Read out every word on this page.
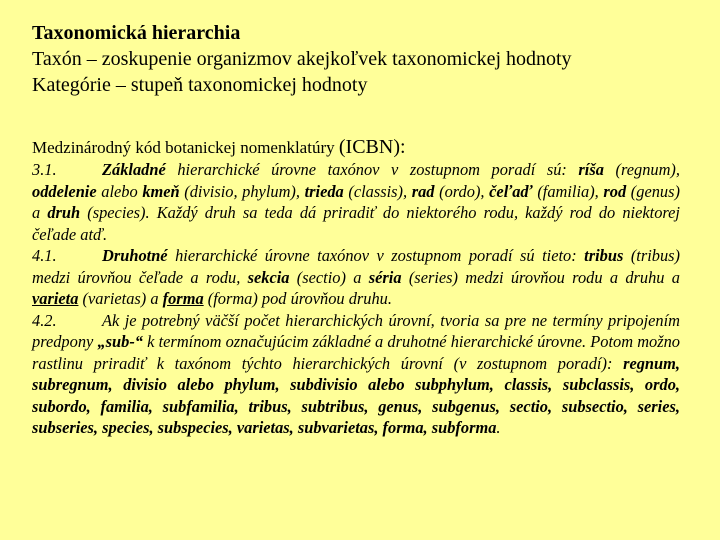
Taxonomická hierarchia
Taxón – zoskupenie organizmov akejkoľvek taxonomickej hodnoty
Kategórie – stupeň taxonomickej hodnoty
Medzinárodný kód botanickej nomenklatúry (ICBN):

3.1.	Základné hierarchické úrovne taxónov v zostupnom poradí sú: ríša (regnum), oddelenie alebo kmeň (divisio, phylum), trieda (classis), rad (ordo), čeľaď (familia), rod (genus) a druh (species). Každý druh sa teda dá priradiť do niektorého rodu, každý rod do niektorej čeľade atď.

4.1.	Druhotné hierarchické úrovne taxónov v zostupnom poradí sú tieto: tribus (tribus) medzi úrovňou čeľade a rodu, sekcia (sectio) a séria (series) medzi úrovňou rodu a druhu a varieta (varietas) a forma (forma) pod úrovňou druhu.

4.2.	Ak je potrebný väčší počet hierarchických úrovní, tvoria sa pre ne termíny pripojením predpony „sub-“ k termínom označujúcim základné a druhotné hierarchické úrovne. Potom možno rastlinu priradiť k taxónom týchto hierarchických úrovní (v zostupnom poradí): regnum, subregnum, divisio alebo phylum, subdivisio alebo subphylum, classis, subclassis, ordo, subordo, familia, subfamilia, tribus, subtribus, genus, subgenus, sectio, subsectio, series, subseries, species, subspecies, varietas, subvarietas, forma, subforma.
